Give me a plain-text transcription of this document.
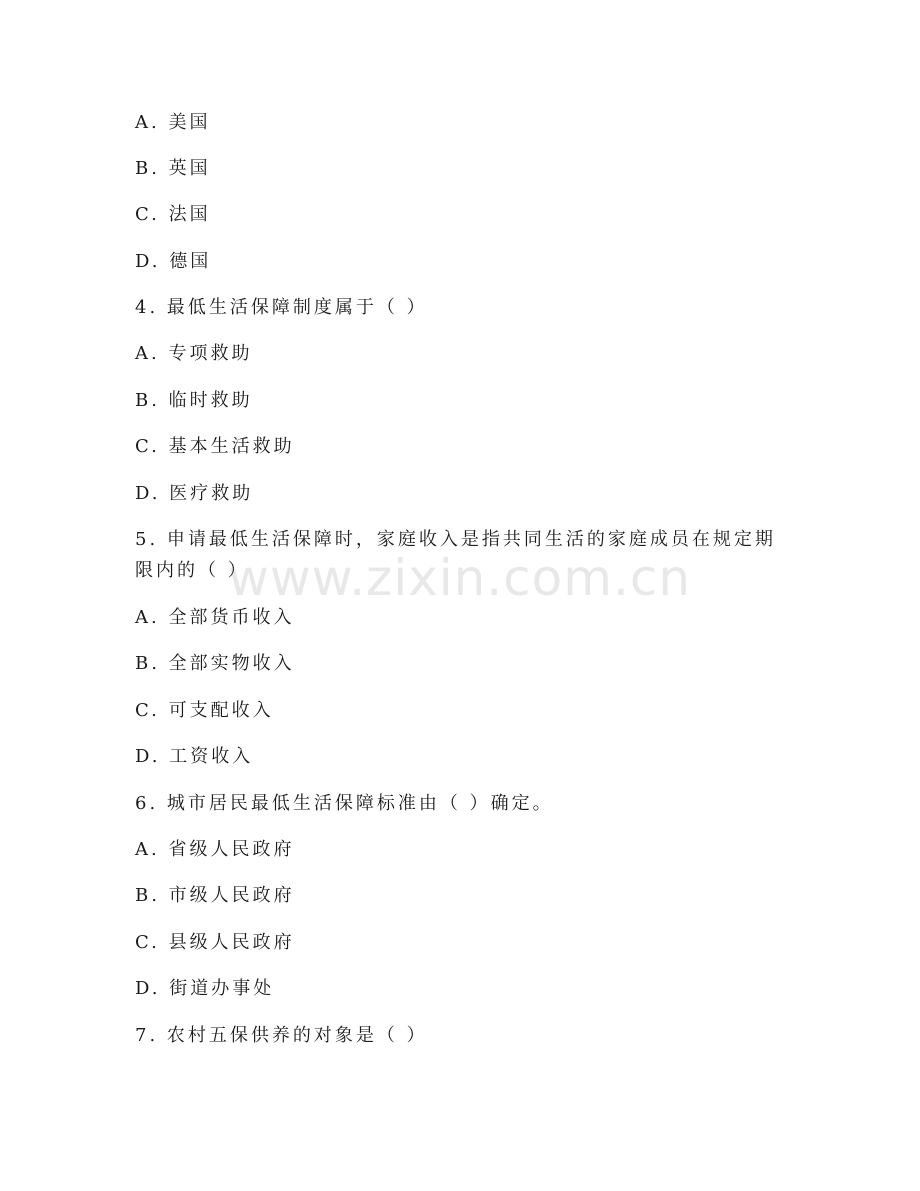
A. 美国
B. 英国
C. 法国
D. 德国
4. 最低生活保障制度属于（ ）
A. 专项救助
B. 临时救助
C. 基本生活救助
D. 医疗救助
5. 申请最低生活保障时，家庭收入是指共同生活的家庭成员在规定期
限内的（ ）
A. 全部货币收入
B. 全部实物收入
C. 可支配收入
D. 工资收入
6. 城市居民最低生活保障标准由（ ）确定。
A. 省级人民政府
B. 市级人民政府
C. 县级人民政府
D. 街道办事处
7. 农村五保供养的对象是（ ）
www.zixin.com.cn
